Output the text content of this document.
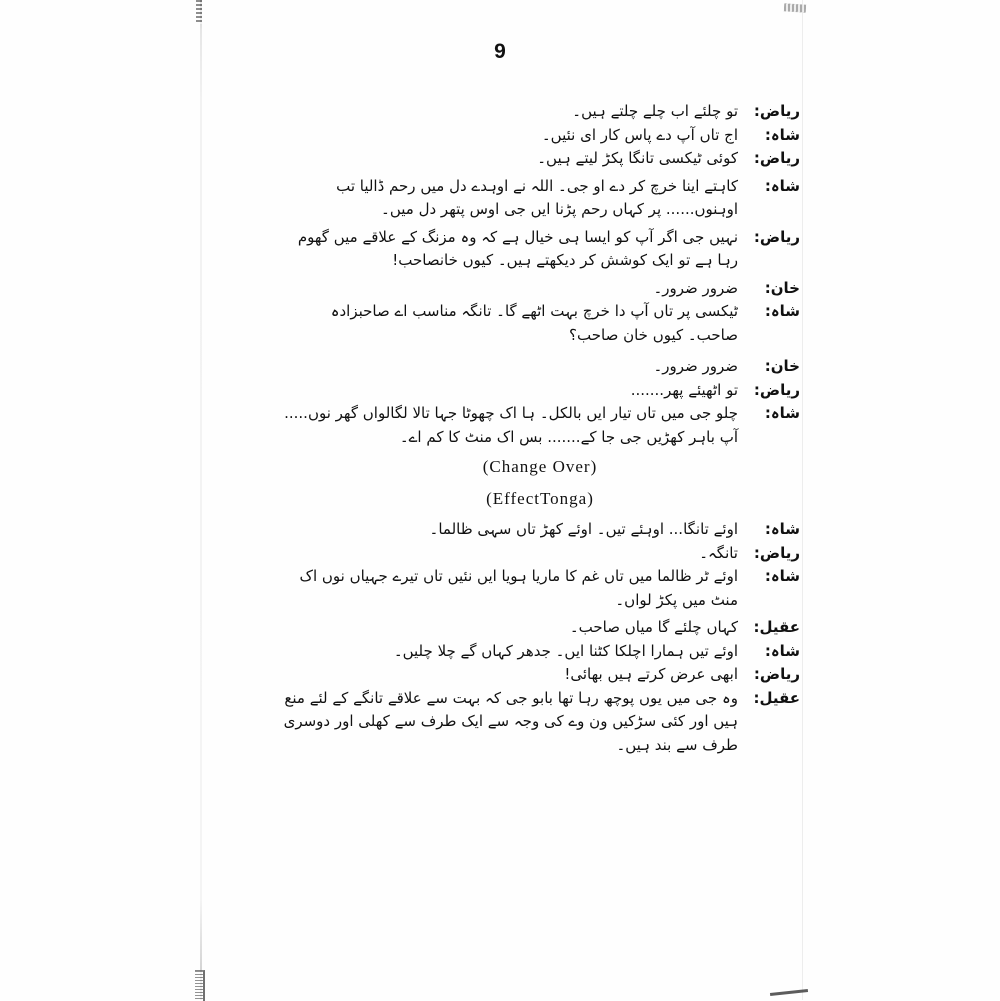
9
ریاض :
تو چلئے اب چلے چلتے ہیں۔
شاہ :
اج تاں آپ دے پاس کار ای نئیں۔
ریاض :
کوئی ٹیکسی تانگا پکڑ لیتے ہیں۔
شاہ :
کاہتے اینا خرچ کر دے او جی۔ اللہ نے اوہدے دل میں رحم ڈالیا تب اوہنوں...... پر کہاں رحم پڑنا ایں جی اوس پتھر دل میں۔
ریاض :
نہیں جی اگر آپ کو ایسا ہی خیال ہے کہ وہ مزنگ کے علاقے میں گھوم رہا ہے تو ایک کوشش کر دیکھتے ہیں۔ کیوں خانصاحب!
خان :
ضرور ضرور۔
شاہ :
ٹیکسی پر تاں آپ دا خرچ بہت اٹھے گا۔ تانگہ مناسب اے صاحبزادہ صاحب۔ کیوں خان صاحب؟
خان :
ضرور ضرور۔
ریاض :
تو اٹھیئے پھر.......
شاہ :
چلو جی میں تاں تیار ایں بالکل۔ ہا اک چھوٹا جہا تالا لگالواں گھر نوں..... آپ باہر کھڑیں جی جا کے....... بس اک منٹ کا کم اے۔
(Change Over)
(EffectTonga)
شاہ :
اوئے تانگا... اوہئے تیں۔ اوئے کھڑ تاں سہی ظالما۔
ریاض :
تانگہ۔
شاہ :
اوئے ٹر ظالما میں تاں غم کا ماریا ہویا ایں نئیں تاں تیرے جہیاں نوں اک منٹ میں پکڑ لواں۔
عقیل :
کہاں چلئے گا میاں صاحب۔
شاہ :
اوئے تیں ہمارا اچلکا کٹنا ایں۔ جدھر کہاں گے چلا چلیں۔
ریاض :
ابھی عرض کرتے ہیں بھائی!
عقیل :
وہ جی میں یوں پوچھ رہا تھا بابو جی کہ بہت سے علاقے تانگے کے لئے منع ہیں اور کئی سڑکیں ون وے کی وجہ سے ایک طرف سے کھلی اور دوسری طرف سے بند ہیں۔
